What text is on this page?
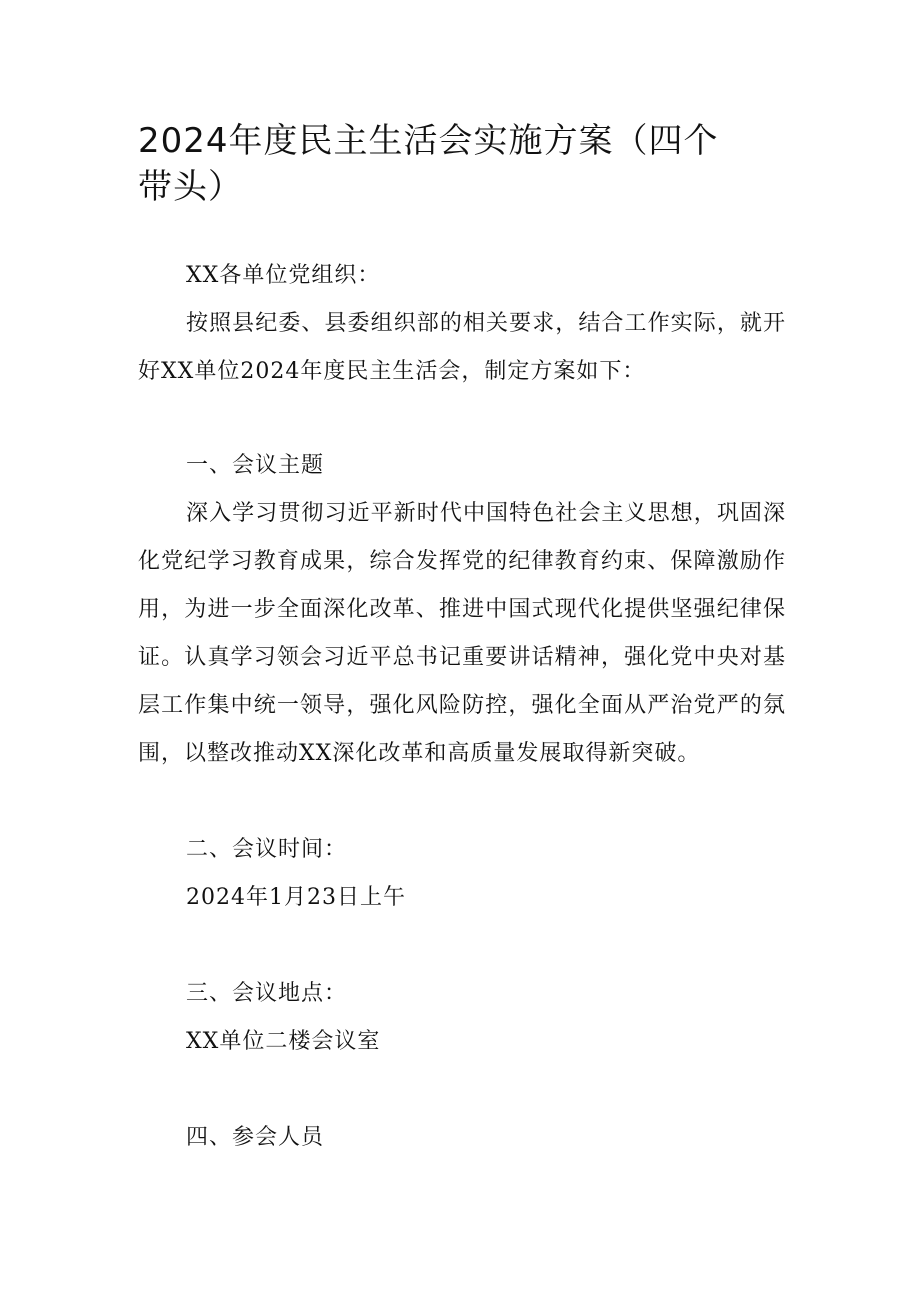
2024年度民主生活会实施方案（四个带头）

XX各单位党组织：

按照县纪委、县委组织部的相关要求，结合工作实际，就开好XX单位2024年度民主生活会，制定方案如下：

一、会议主题

深入学习贯彻习近平新时代中国特色社会主义思想，巩固深化党纪学习教育成果，综合发挥党的纪律教育约束、保障激励作用，为进一步全面深化改革、推进中国式现代化提供坚强纪律保证。认真学习领会习近平总书记重要讲话精神，强化党中央对基层工作集中统一领导，强化风险防控，强化全面从严治党严的氛围，以整改推动XX深化改革和高质量发展取得新突破。

二、会议时间：

2024年1月23日上午

三、会议地点：

XX单位二楼会议室

四、参会人员
